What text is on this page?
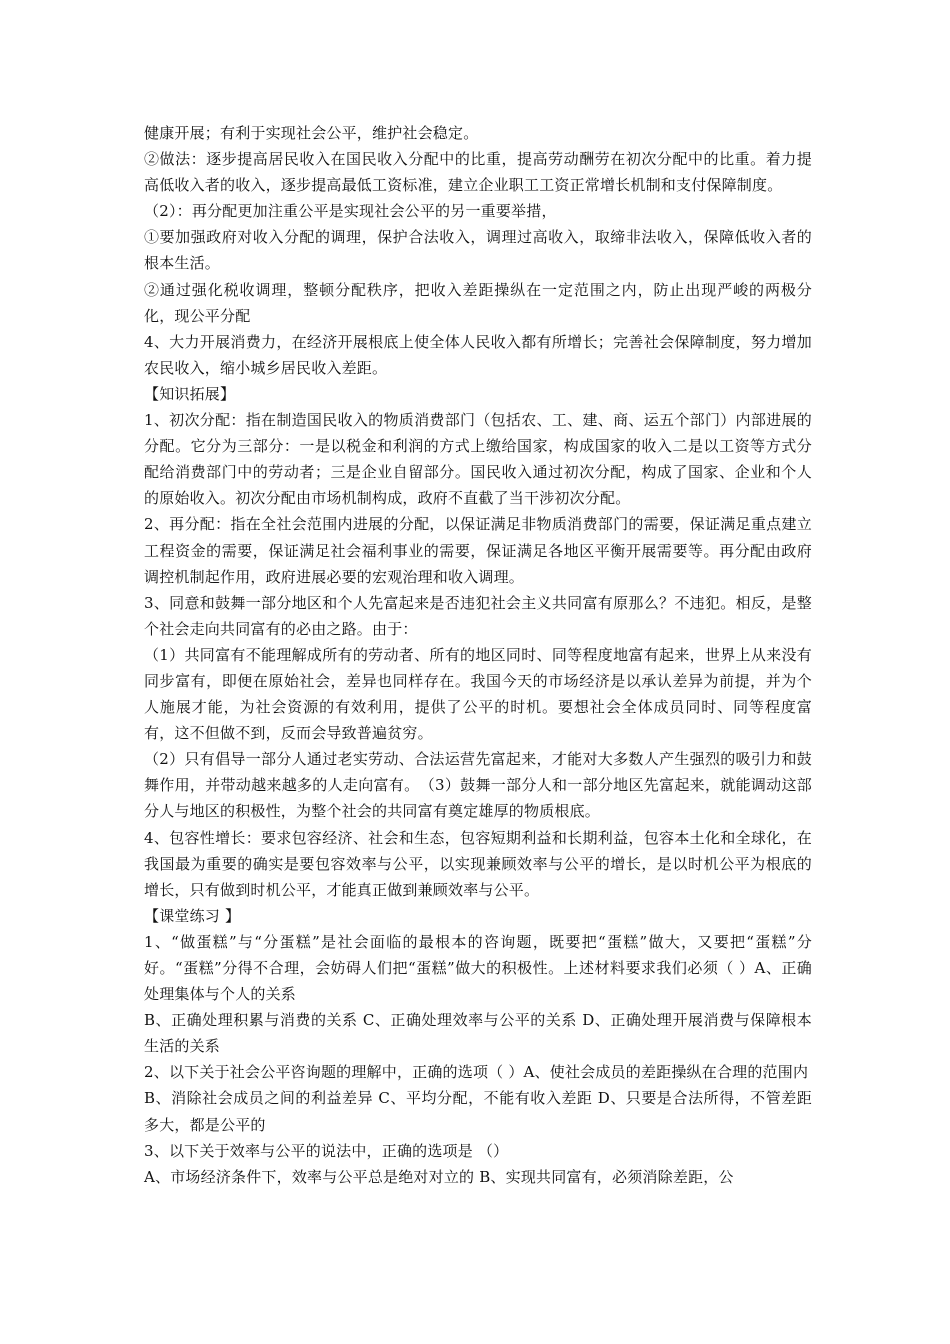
健康开展；有利于实现社会公平，维护社会稳定。

②做法：逐步提高居民收入在国民收入分配中的比重，提高劳动酬劳在初次分配中的比重。着力提高低收入者的收入，逐步提高最低工资标准，建立企业职工工资正常增长机制和支付保障制度。

（2）：再分配更加注重公平是实现社会公平的另一重要举措，

①要加强政府对收入分配的调理，保护合法收入，调理过高收入，取缔非法收入，保障低收入者的根本生活。

②通过强化税收调理，整顿分配秩序，把收入差距操纵在一定范围之内，防止出现严峻的两极分化，现公平分配

4、大力开展消费力，在经济开展根底上使全体人民收入都有所增长；完善社会保障制度，努力增加农民收入，缩小城乡居民收入差距。

【知识拓展】

1、初次分配：指在制造国民收入的物质消费部门（包括农、工、建、商、运五个部门）内部进展的分配。它分为三部分：一是以税金和利润的方式上缴给国家，构成国家的收入二是以工资等方式分配给消费部门中的劳动者；三是企业自留部分。国民收入通过初次分配，构成了国家、企业和个人的原始收入。初次分配由市场机制构成，政府不直截了当干涉初次分配。

2、再分配：指在全社会范围内进展的分配，以保证满足非物质消费部门的需要，保证满足重点建立工程资金的需要，保证满足社会福利事业的需要，保证满足各地区平衡开展需要等。再分配由政府调控机制起作用，政府进展必要的宏观治理和收入调理。

3、同意和鼓舞一部分地区和个人先富起来是否违犯社会主义共同富有原那么？不违犯。相反，是整个社会走向共同富有的必由之路。由于：

（1）共同富有不能理解成所有的劳动者、所有的地区同时、同等程度地富有起来，世界上从来没有同步富有，即便在原始社会，差异也同样存在。我国今天的市场经济是以承认差异为前提，并为个人施展才能，为社会资源的有效利用，提供了公平的时机。要想社会全体成员同时、同等程度富有，这不但做不到，反而会导致普遍贫穷。

（2）只有倡导一部分人通过老实劳动、合法运营先富起来，才能对大多数人产生强烈的吸引力和鼓舞作用，并带动越来越多的人走向富有。　（3）鼓舞一部分人和一部分地区先富起来，就能调动这部分人与地区的积极性，为整个社会的共同富有奠定雄厚的物质根底。

4、包容性增长：要求包容经济、社会和生态，包容短期利益和长期利益，包容本土化和全球化，在我国最为重要的确实是要包容效率与公平，以实现兼顾效率与公平的增长，是以时机公平为根底的增长，只有做到时机公平，才能真正做到兼顾效率与公平。

【课堂练习 】

1、“做蛋糕”与“分蛋糕”是社会面临的最根本的咨询题，既要把“蛋糕”做大，又要把“蛋糕”分好。“蛋糕”分得不合理，会妨碍人们把“蛋糕”做大的积极性。上述材料要求我们必须（ ）A、正确处理集体与个人的关系

B、正确处理积累与消费的关系 C、正确处理效率与公平的关系 D、正确处理开展消费与保障根本生活的关系

2、以下关于社会公平咨询题的理解中，正确的选项（ ）A、使社会成员的差距操纵在合理的范围内

B、消除社会成员之间的利益差异 C、平均分配，不能有收入差距 D、只要是合法所得，不管差距多大，都是公平的

3、以下关于效率与公平的说法中，正确的选项是 （）

A、市场经济条件下，效率与公平总是绝对对立的 B、实现共同富有，必须消除差距，公
